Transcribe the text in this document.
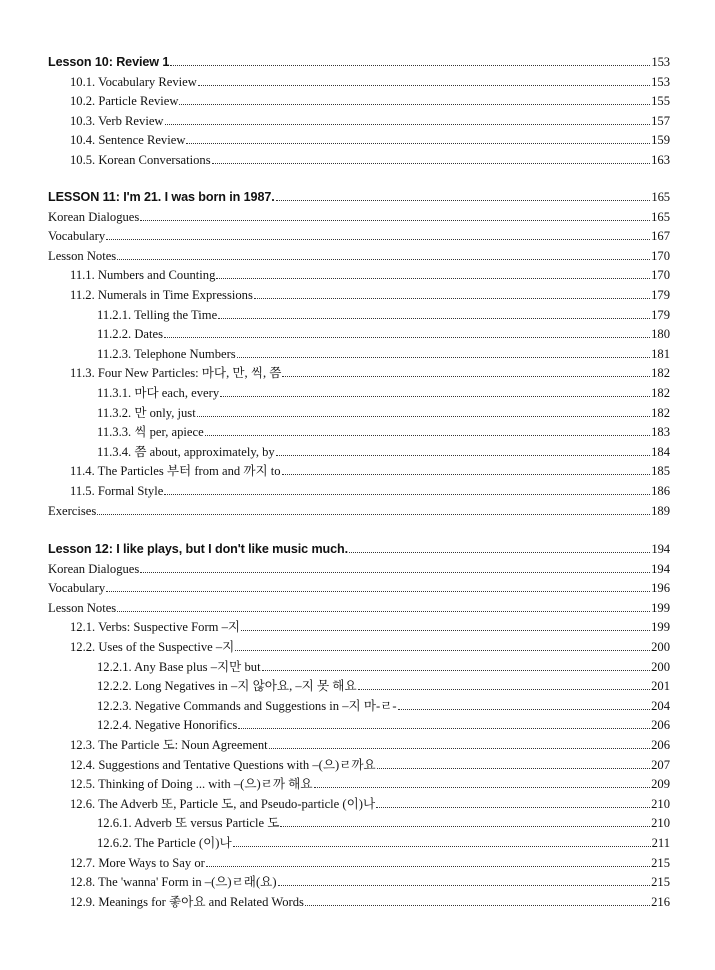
Lesson 10: Review 1	153
10.1. Vocabulary Review	153
10.2. Particle Review	155
10.3. Verb Review	157
10.4. Sentence Review	159
10.5. Korean Conversations	163
LESSON 11: I'm 21. I was born in 1987.	165
Korean Dialogues	165
Vocabulary	167
Lesson Notes	170
11.1. Numbers and Counting	170
11.2. Numerals in Time Expressions	179
11.2.1. Telling the Time	179
11.2.2. Dates	180
11.2.3. Telephone Numbers	181
11.3. Four New Particles: 마다, 만, 씩, 쯤	182
11.3.1. 마다 each, every	182
11.3.2. 만 only, just	182
11.3.3. 씩 per, apiece	183
11.3.4. 쯤 about, approximately, by	184
11.4. The Particles 부터 from and 까지 to	185
11.5. Formal Style	186
Exercises	189
Lesson 12: I like plays, but I don't like music much.	194
Korean Dialogues	194
Vocabulary	196
Lesson Notes	199
12.1. Verbs: Suspective Form –지	199
12.2. Uses of the Suspective –지	200
12.2.1. Any Base plus –지만 but	200
12.2.2. Long Negatives in –지 않아요, –지 못 해요	201
12.2.3. Negative Commands and Suggestions in –지 마-ㄹ-	204
12.2.4. Negative Honorifics	206
12.3. The Particle 도: Noun Agreement	206
12.4. Suggestions and Tentative Questions with –(으)ㄹ까요	207
12.5. Thinking of Doing ... with –(으)ㄹ까 해요	209
12.6. The Adverb 또, Particle 도, and Pseudo-particle (이)나	210
12.6.1. Adverb 또 versus Particle 도	210
12.6.2. The Particle (이)나	211
12.7. More Ways to Say or	215
12.8. The 'wanna' Form in –(으)ㄹ래(요)	215
12.9. Meanings for 좋아요 and Related Words	216
